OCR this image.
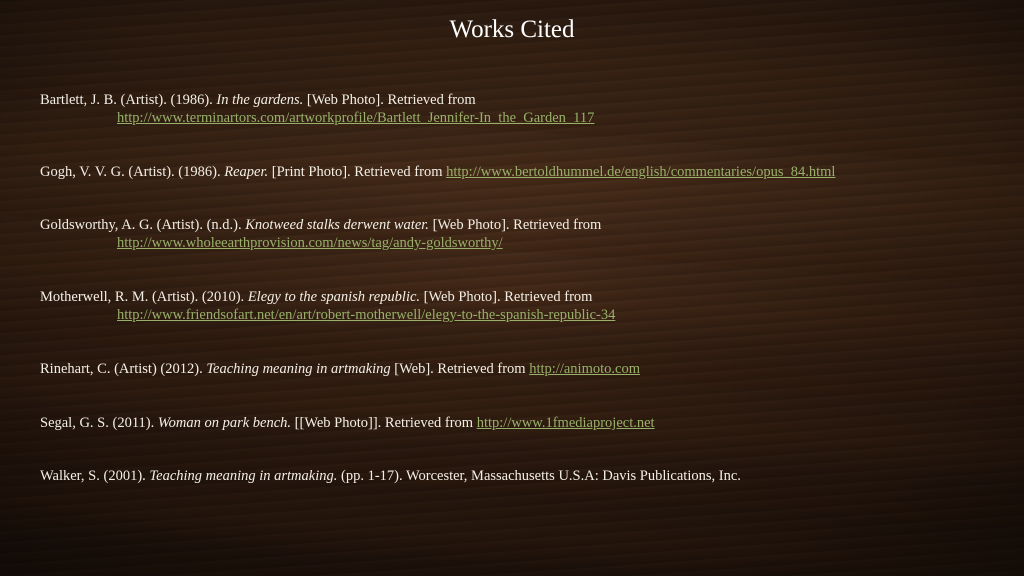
Works Cited
Bartlett, J. B. (Artist). (1986). In the gardens. [Web Photo]. Retrieved from
http://www.terminartors.com/artworkprofile/Bartlett_Jennifer-In_the_Garden_117
Gogh, V. V. G. (Artist). (1986). Reaper. [Print Photo]. Retrieved from http://www.bertoldhummel.de/english/commentaries/opus_84.html
Goldsworthy, A. G. (Artist). (n.d.). Knotweed stalks derwent water. [Web Photo]. Retrieved from
http://www.wholeearthprovision.com/news/tag/andy-goldsworthy/
Motherwell, R. M. (Artist). (2010). Elegy to the spanish republic. [Web Photo]. Retrieved from
http://www.friendsofart.net/en/art/robert-motherwell/elegy-to-the-spanish-republic-34
Rinehart, C. (Artist) (2012). Teaching meaning in artmaking [Web]. Retrieved from http://animoto.com
Segal, G. S. (2011). Woman on park bench. [[Web Photo]]. Retrieved from http://www.1fmediaproject.net
Walker, S. (2001). Teaching meaning in artmaking. (pp. 1-17). Worcester, Massachusetts U.S.A: Davis Publications, Inc.
